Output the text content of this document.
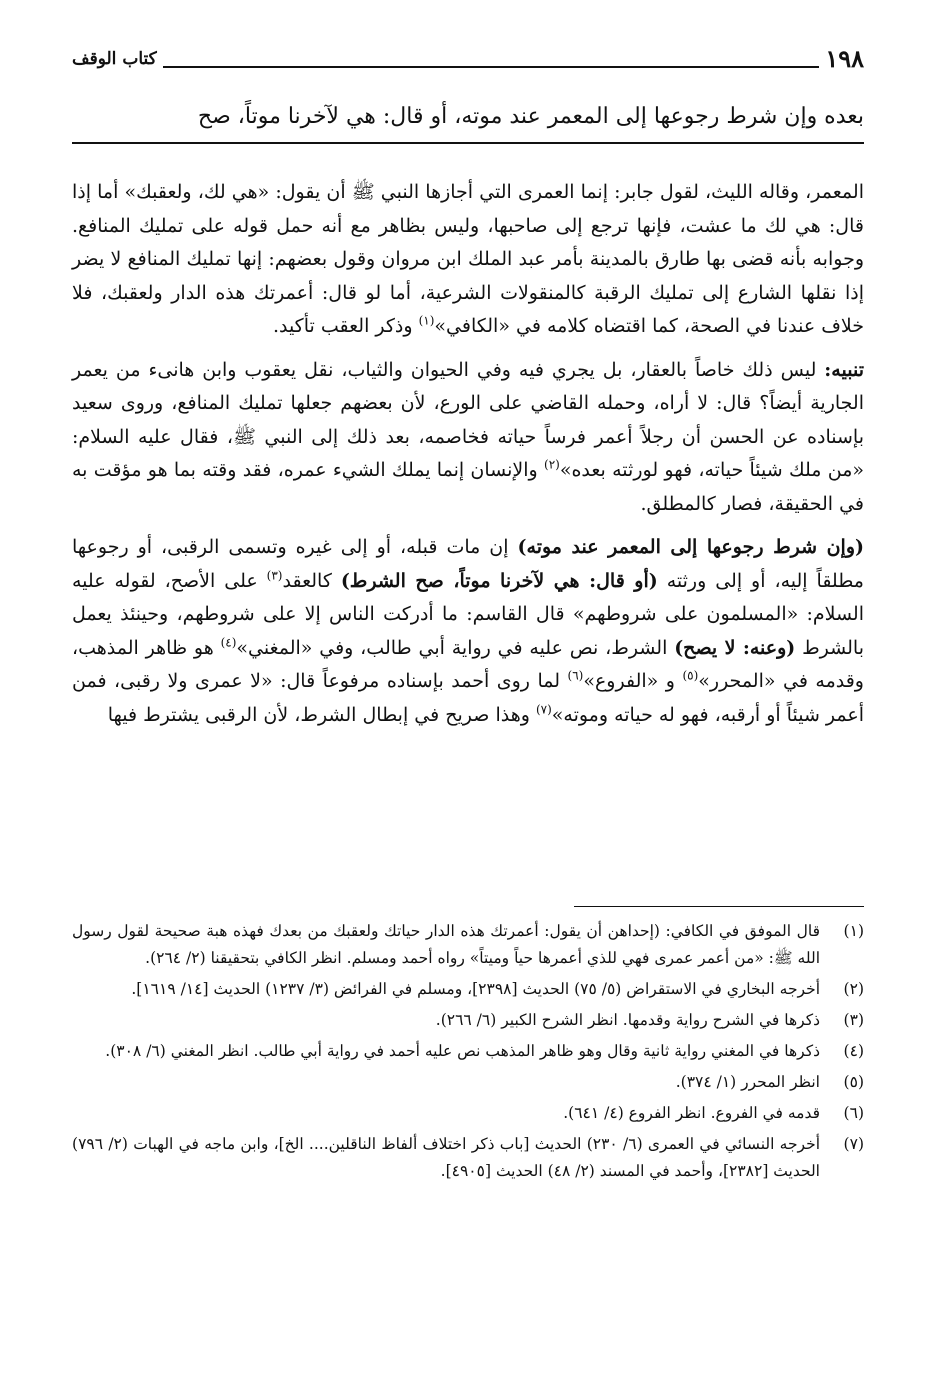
١٩٨
كتاب الوقف
بعده وإن شرط رجوعها إلى المعمر عند موته، أو قال: هي لآخرنا موتاً، صح

المعمر، وقاله الليث، لقول جابر: إنما العمرى التي أجازها النبي ﷺ أن يقول: «هي لك، ولعقبك» أما إذا قال: هي لك ما عشت، فإنها ترجع إلى صاحبها، وليس بظاهر مع أنه حمل قوله على تمليك المنافع. وجوابه بأنه قضى بها طارق بالمدينة بأمر عبد الملك ابن مروان وقول بعضهم: إنها تمليك المنافع لا يضر إذا نقلها الشارع إلى تمليك الرقبة كالمنقولات الشرعية، أما لو قال: أعمرتك هذه الدار ولعقبك، فلا خلاف عندنا في الصحة، كما اقتضاه كلامه في «الكافي»$^{(١)}$ وذكر العقب تأكيد.

تنبيه: ليس ذلك خاصاً بالعقار، بل يجري فيه وفي الحيوان والثياب، نقل يعقوب وابن هانىء من يعمر الجارية أيضاً؟ قال: لا أراه، وحمله القاضي على الورع، لأن بعضهم جعلها تمليك المنافع، وروى سعيد بإسناده عن الحسن أن رجلاً أعمر فرساً حياته فخاصمه، بعد ذلك إلى النبي ﷺ، فقال عليه السلام: «من ملك شيئاً حياته، فهو لورثته بعده»$^{(٢)}$ والإنسان إنما يملك الشيء عمره، فقد وقته بما هو مؤقت به في الحقيقة، فصار كالمطلق.

(وإن شرط رجوعها إلى المعمر عند موته) إن مات قبله، أو إلى غيره وتسمى الرقبى، أو رجوعها مطلقاً إليه، أو إلى ورثته (أو قال: هي لآخرنا موتاً، صح الشرط) كالعقد$^{(٣)}$ على الأصح، لقوله عليه السلام: «المسلمون على شروطهم» قال القاسم: ما أدركت الناس إلا على شروطهم، وحينئذ يعمل بالشرط (وعنه: لا يصح) الشرط، نص عليه في رواية أبي طالب، وفي «المغني»$^{(٤)}$ هو ظاهر المذهب، وقدمه في «المحرر»$^{(٥)}$ و «الفروع»$^{(٦)}$ لما روى أحمد بإسناده مرفوعاً قال: «لا عمرى ولا رقبى، فمن أعمر شيئاً أو أرقبه، فهو له حياته وموته»$^{(٧)}$ وهذا صريح في إبطال الشرط، لأن الرقبى يشترط فيها

(١)
قال الموفق في الكافي: (إحداهن أن يقول: أعمرتك هذه الدار حياتك ولعقبك من بعدك فهذه هبة صحيحة لقول رسول الله ﷺ: «من أعمر عمرى فهي للذي أعمرها حياً وميتاً» رواه أحمد ومسلم. انظر الكافي بتحقيقنا (٢/ ٢٦٤).
(٢)
أخرجه البخاري في الاستقراض (٥/ ٧٥) الحديث [٢٣٩٨]، ومسلم في الفرائض (٣/ ١٢٣٧) الحديث [١٤/ ١٦١٩].
(٣)
ذكرها في الشرح رواية وقدمها. انظر الشرح الكبير (٦/ ٢٦٦).
(٤)
ذكرها في المغني رواية ثانية وقال وهو ظاهر المذهب نص عليه أحمد في رواية أبي طالب. انظر المغني (٦/ ٣٠٨).
(٥)
انظر المحرر (١/ ٣٧٤).
(٦)
قدمه في الفروع. انظر الفروع (٤/ ٦٤١).
(٧)
أخرجه النسائي في العمرى (٦/ ٢٣٠) الحديث [باب ذكر اختلاف ألفاظ الناقلين.... الخ]، وابن ماجه في الهبات (٢/ ٧٩٦) الحديث [٢٣٨٢]، وأحمد في المسند (٢/ ٤٨) الحديث [٤٩٠٥].
